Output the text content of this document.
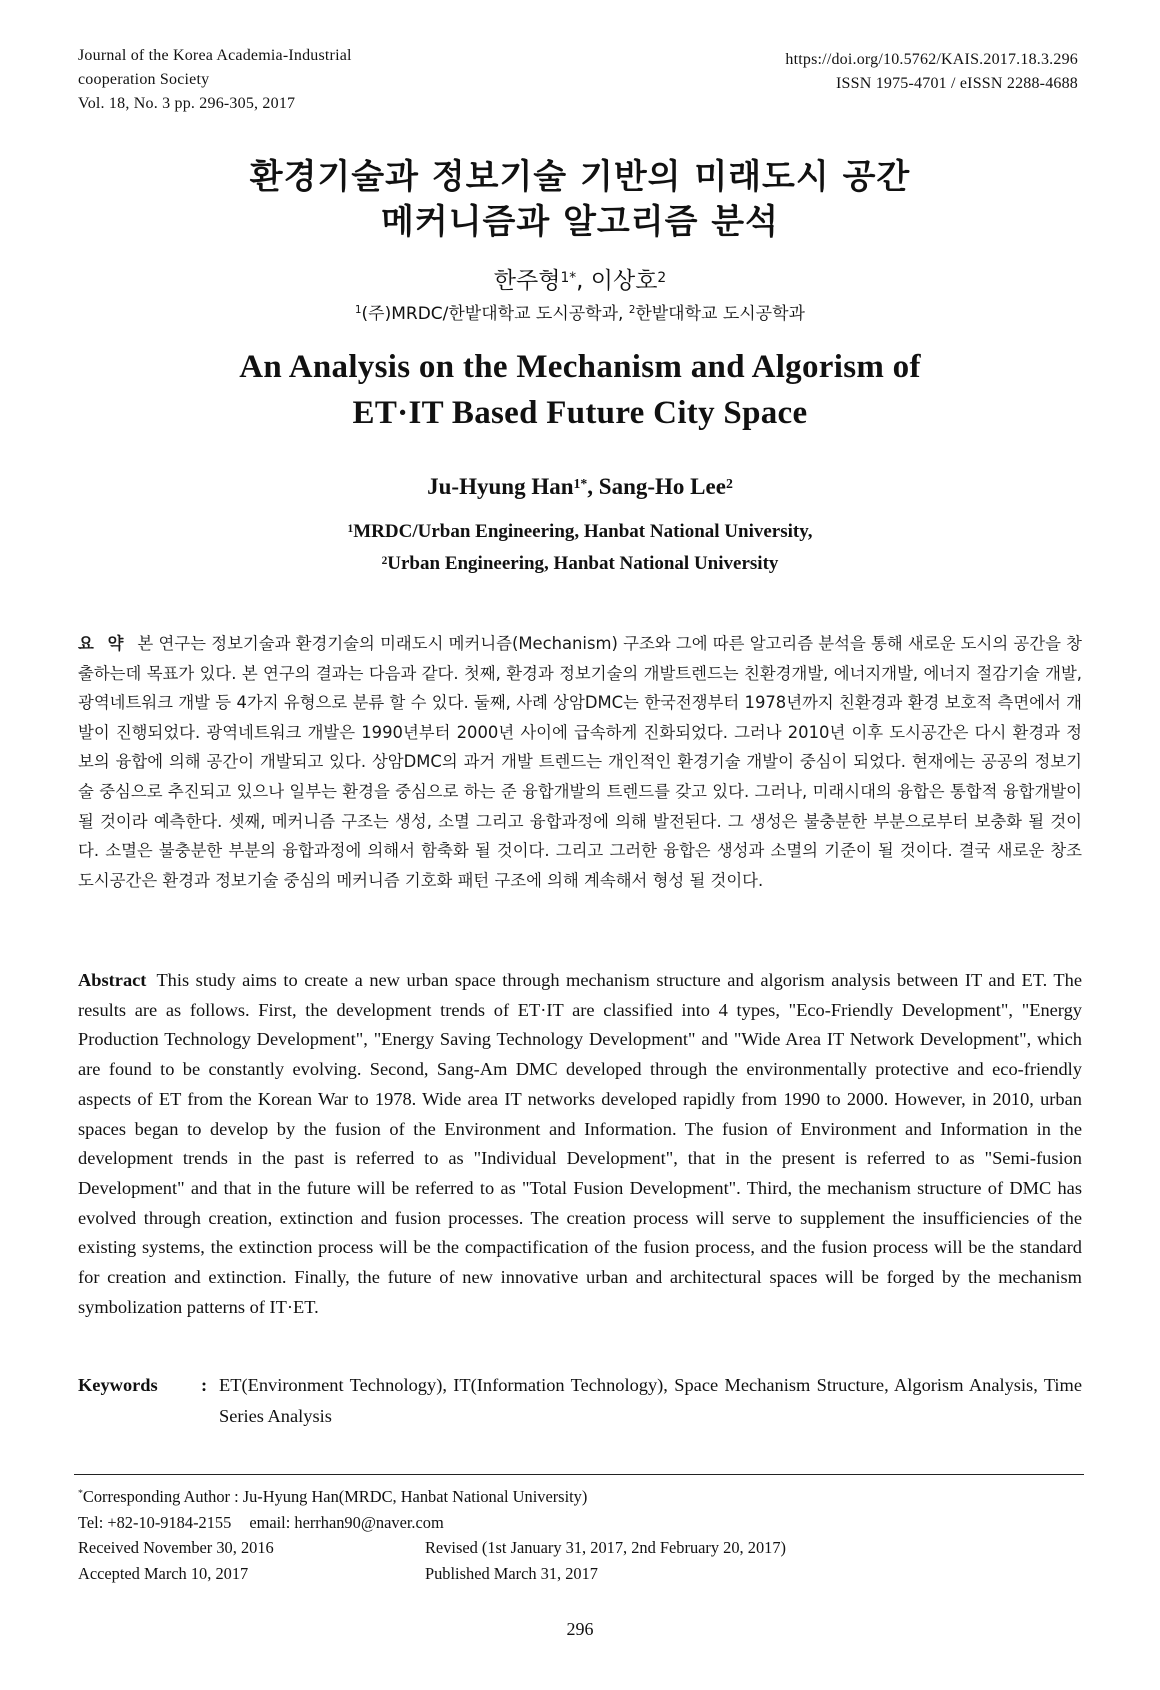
Journal of the Korea Academia-Industrial
cooperation Society
Vol. 18, No. 3 pp. 296-305, 2017
https://doi.org/10.5762/KAIS.2017.18.3.296
ISSN 1975-4701 / eISSN 2288-4688
환경기술과 정보기술 기반의 미래도시 공간
메커니즘과 알고리즘 분석
한주형$^{1*}$, 이상호$^2$
$^1$(주)MRDC/한밭대학교 도시공학과, $^2$한밭대학교 도시공학과
An Analysis on the Mechanism and Algorism of
ET·IT Based Future City Space
Ju-Hyung Han$^{1*}$, Sang-Ho Lee$^2$
$^1$MRDC/Urban Engineering, Hanbat National University,
$^2$Urban Engineering, Hanbat National University
요 약 본 연구는 정보기술과 환경기술의 미래도시 메커니즘(Mechanism) 구조와 그에 따른 알고리즘 분석을 통해 새로운 도시의 공간을 창출하는데 목표가 있다. 본 연구의 결과는 다음과 같다. 첫째, 환경과 정보기술의 개발트렌드는 친환경개발, 에너지개발, 에너지 절감기술 개발, 광역네트워크 개발 등 4가지 유형으로 분류 할 수 있다. 둘째, 사례 상암DMC는 한국전쟁부터 1978년까지 친환경과 환경 보호적 측면에서 개발이 진행되었다. 광역네트워크 개발은 1990년부터 2000년 사이에 급속하게 진화되었다. 그러나 2010년 이후 도시공간은 다시 환경과 정보의 융합에 의해 공간이 개발되고 있다. 상암DMC의 과거 개발 트렌드는 개인적인 환경기술 개발이 중심이 되었다. 현재에는 공공의 정보기술 중심으로 추진되고 있으나 일부는 환경을 중심으로 하는 준 융합개발의 트렌드를 갖고 있다. 그러나, 미래시대의 융합은 통합적 융합개발이 될 것이라 예측한다. 셋째, 메커니즘 구조는 생성, 소멸 그리고 융합과정에 의해 발전된다. 그 생성은 불충분한 부분으로부터 보충화 될 것이다. 소멸은 불충분한 부분의 융합과정에 의해서 함축화 될 것이다. 그리고 그러한 융합은 생성과 소멸의 기준이 될 것이다. 결국 새로운 창조 도시공간은 환경과 정보기술 중심의 메커니즘 기호화 패턴 구조에 의해 계속해서 형성 될 것이다.
Abstract This study aims to create a new urban space through mechanism structure and algorism analysis between IT and ET. The results are as follows. First, the development trends of ET·IT are classified into 4 types, "Eco-Friendly Development", "Energy Production Technology Development", "Energy Saving Technology Development" and "Wide Area IT Network Development", which are found to be constantly evolving. Second, Sang-Am DMC developed through the environmentally protective and eco-friendly aspects of ET from the Korean War to 1978. Wide area IT networks developed rapidly from 1990 to 2000. However, in 2010, urban spaces began to develop by the fusion of the Environment and Information. The fusion of Environment and Information in the development trends in the past is referred to as "Individual Development", that in the present is referred to as "Semi-fusion Development" and that in the future will be referred to as "Total Fusion Development". Third, the mechanism structure of DMC has evolved through creation, extinction and fusion processes. The creation process will serve to supplement the insufficiencies of the existing systems, the extinction process will be the compactification of the fusion process, and the fusion process will be the standard for creation and extinction. Finally, the future of new innovative urban and architectural spaces will be forged by the mechanism symbolization patterns of IT·ET.
Keywords	: ET(Environment Technology), IT(Information Technology), Space Mechanism Structure, Algorism Analysis, Time Series Analysis
* Corresponding Author : Ju-Hyung Han(MRDC, Hanbat National University)
Tel: +82-10-9184-2155 email: herrhan90@naver.com
Received November 30, 2016	Revised (1st January 31, 2017, 2nd February 20, 2017)
Accepted March 10, 2017	Published March 31, 2017
296
